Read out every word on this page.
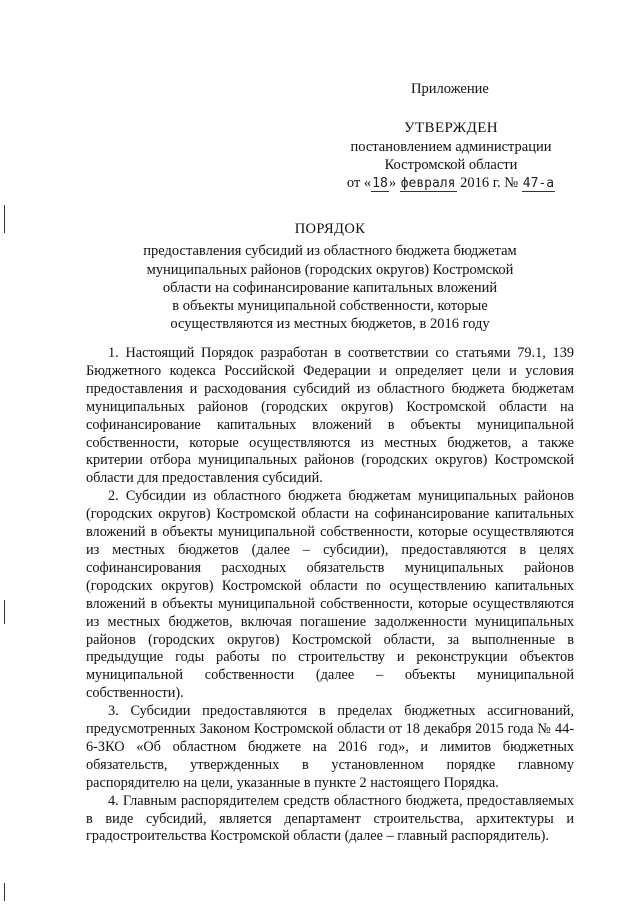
Приложение
УТВЕРЖДЕН
постановлением администрации
Костромской области
от «18» февраля 2016 г. № 47-а
ПОРЯДОК
предоставления субсидий из областного бюджета бюджетам
муниципальных районов (городских округов) Костромской
области на софинансирование капитальных вложений
в объекты муниципальной собственности, которые
осуществляются из местных бюджетов, в 2016 году

1. Настоящий Порядок разработан в соответствии со статьями 79.1, 139 Бюджетного кодекса Российской Федерации и определяет цели и условия предоставления и расходования субсидий из областного бюджета бюджетам муниципальных районов (городских округов) Костромской области на софинансирование капитальных вложений в объекты муниципальной собственности, которые осуществляются из местных бюджетов, а также критерии отбора муниципальных районов (городских округов) Костромской области для предоставления субсидий.

2. Субсидии из областного бюджета бюджетам муниципальных районов (городских округов) Костромской области на софинансирование капитальных вложений в объекты муниципальной собственности, которые осуществляются из местных бюджетов (далее – субсидии), предоставляются в целях софинансирования расходных обязательств муниципальных районов (городских округов) Костромской области по осуществлению капитальных вложений в объекты муниципальной собственности, которые осуществляются из местных бюджетов, включая погашение задолженности муниципальных районов (городских округов) Костромской области, за выполненные в предыдущие годы работы по строительству и реконструкции объектов муниципальной собственности (далее – объекты муниципальной собственности).

3. Субсидии предоставляются в пределах бюджетных ассигнований, предусмотренных Законом Костромской области от 18 декабря 2015 года № 44-6-ЗКО «Об областном бюджете на 2016 год», и лимитов бюджетных обязательств, утвержденных в установленном порядке главному распорядителю на цели, указанные в пункте 2 настоящего Порядка.

4. Главным распорядителем средств областного бюджета, предоставляемых в виде субсидий, является департамент строительства, архитектуры и градостроительства Костромской области (далее – главный распорядитель).
